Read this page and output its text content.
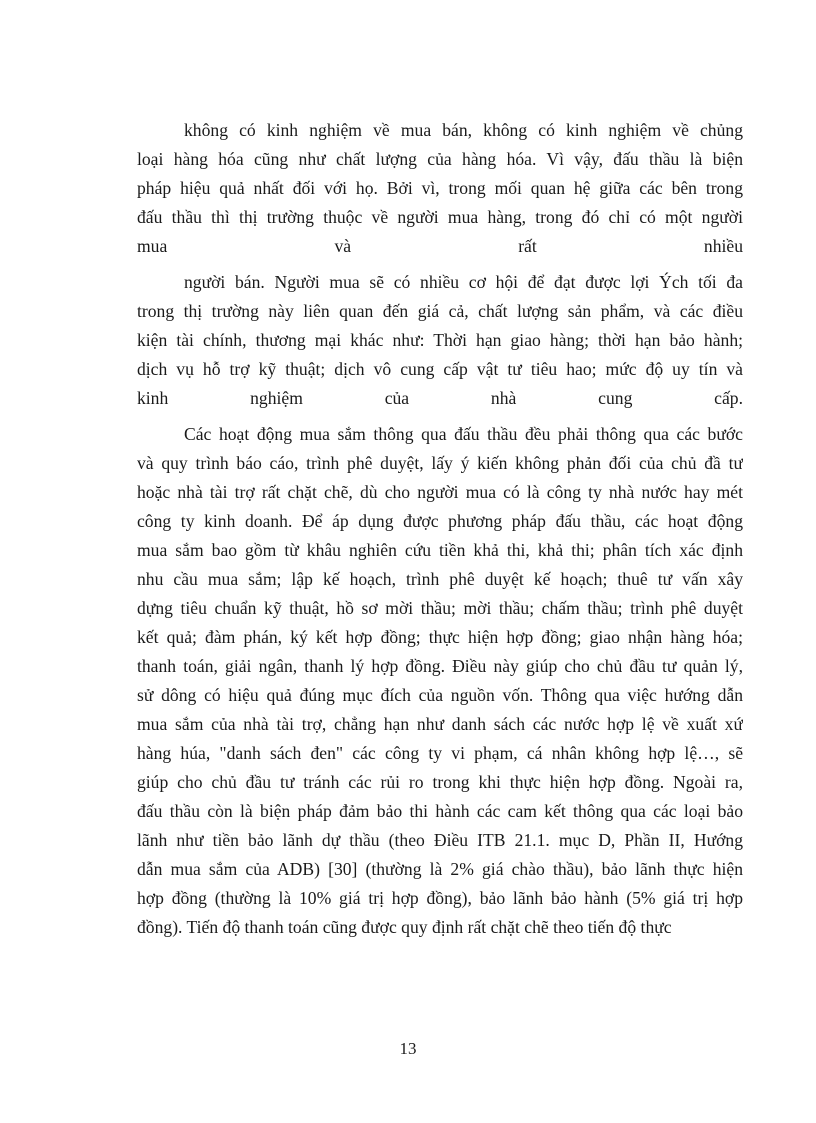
không có kinh nghiệm về mua bán, không có kinh nghiệm về chủng
loại hàng hóa cũng như chất lượng của hàng hóa. Vì vậy, đấu thầu là biện
pháp hiệu quả nhất đối với họ. Bởi vì, trong mối quan hệ giữa các bên trong
đấu thầu thì thị trường thuộc về người mua hàng, trong đó chỉ có một người
mua và rất nhiều
người bán. Người mua sẽ có nhiều cơ hội để đạt được lợi Ých tối đa
trong thị trường này liên quan đến giá cả, chất lượng sản phẩm, và các điều
kiện tài chính, thương mại khác như: Thời hạn giao hàng; thời hạn bảo hành;
dịch vụ hỗ trợ kỹ thuật; dịch vô cung cấp vật tư tiêu hao; mức độ uy tín và
kinh nghiệm của nhà cung cấp.
Các hoạt động mua sắm thông qua đấu thầu đều phải thông qua các bước
và quy trình báo cáo, trình phê duyệt, lấy ý kiến không phản đối của chủ đầ tư
hoặc nhà tài trợ rất chặt chẽ, dù cho người mua có là công ty nhà nước hay mét
công ty kinh doanh. Để áp dụng được phương pháp đấu thầu, các hoạt động
mua sắm bao gồm từ khâu nghiên cứu tiền khả thi, khả thi; phân tích xác định
nhu cầu mua sắm; lập kế hoạch, trình phê duyệt kế hoạch; thuê tư vấn xây
dựng tiêu chuẩn kỹ thuật, hồ sơ mời thầu; mời thầu; chấm thầu; trình phê duyệt
kết quả; đàm phán, ký kết hợp đồng; thực hiện hợp đồng; giao nhận hàng hóa;
thanh toán, giải ngân, thanh lý hợp đồng. Điều này giúp cho chủ đầu tư quản lý,
sử dông có hiệu quả đúng mục đích của nguồn vốn. Thông qua việc hướng dẫn
mua sắm của nhà tài trợ, chẳng hạn như danh sách các nước hợp lệ về xuất xứ
hàng húa, "danh sách đen" các công ty vi phạm, cá nhân không hợp lệ…, sẽ
giúp cho chủ đầu tư tránh các rủi ro trong khi thực hiện hợp đồng. Ngoài ra,
đấu thầu còn là biện pháp đảm bảo thi hành các cam kết thông qua các loại bảo
lãnh như tiền bảo lãnh dự thầu (theo Điều ITB 21.1. mục D, Phần II, Hướng
dẫn mua sắm của ADB) [30] (thường là 2% giá chào thầu), bảo lãnh thực hiện
hợp đồng (thường là 10% giá trị hợp đồng), bảo lãnh bảo hành (5% giá trị hợp
đồng). Tiến độ thanh toán cũng được quy định rất chặt chẽ theo tiến độ thực
13
